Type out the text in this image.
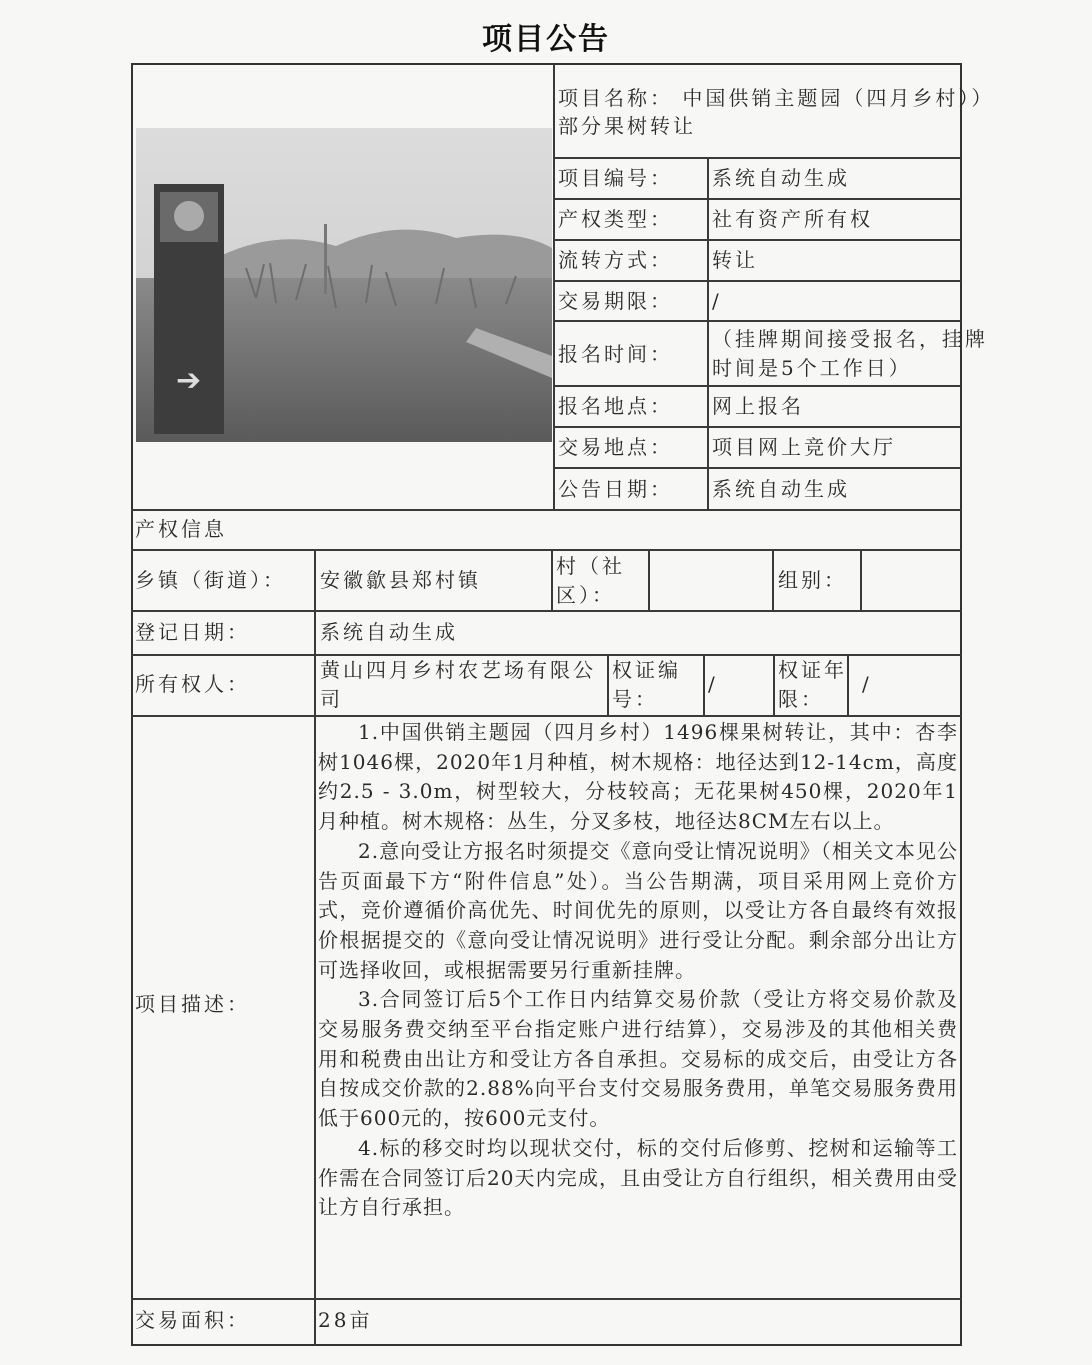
项目公告
➔
项目名称： 中国供销主题园（四月乡村））
部分果树转让
项目编号： 系统自动生成
产权类型： 社有资产所有权
流转方式： 转让
交易期限： /
报名时间：
（挂牌期间接受报名，挂牌
时间是5个工作日）
报名地点： 网上报名
交易地点： 项目网上竞价大厅
公告日期： 系统自动生成
产权信息
乡镇（街道）： 安徽歙县郑村镇
村（社
区）：
组别：
登记日期：	系统自动生成
所有权人：
黄山四月乡村农艺场有限公
司
权证编
号：
/
权证年
限：
/
项目描述：

1.中国供销主题园（四月乡村）1496棵果树转让，其中：杏李树1046棵，2020年1月种植，树木规格：地径达到12-14cm，高度约2.5 - 3.0m，树型较大，分枝较高；无花果树450棵，2020年1月种植。树木规格：丛生，分叉多枝，地径达8CM左右以上。

2.意向受让方报名时须提交《意向受让情况说明》（相关文本见公告页面最下方“附件信息”处）。当公告期满，项目采用网上竞价方式，竞价遵循价高优先、时间优先的原则，以受让方各自最终有效报价根据提交的《意向受让情况说明》进行受让分配。剩余部分出让方可选择收回，或根据需要另行重新挂牌。

3.合同签订后5个工作日内结算交易价款（受让方将交易价款及交易服务费交纳至平台指定账户进行结算），交易涉及的其他相关费用和税费由出让方和受让方各自承担。交易标的成交后，由受让方各自按成交价款的2.88%向平台支付交易服务费用，单笔交易服务费用低于600元的，按600元支付。

4.标的移交时均以现状交付，标的交付后修剪、挖树和运输等工作需在合同签订后20天内完成，且由受让方自行组织，相关费用由受让方自行承担。

交易面积：	28亩
